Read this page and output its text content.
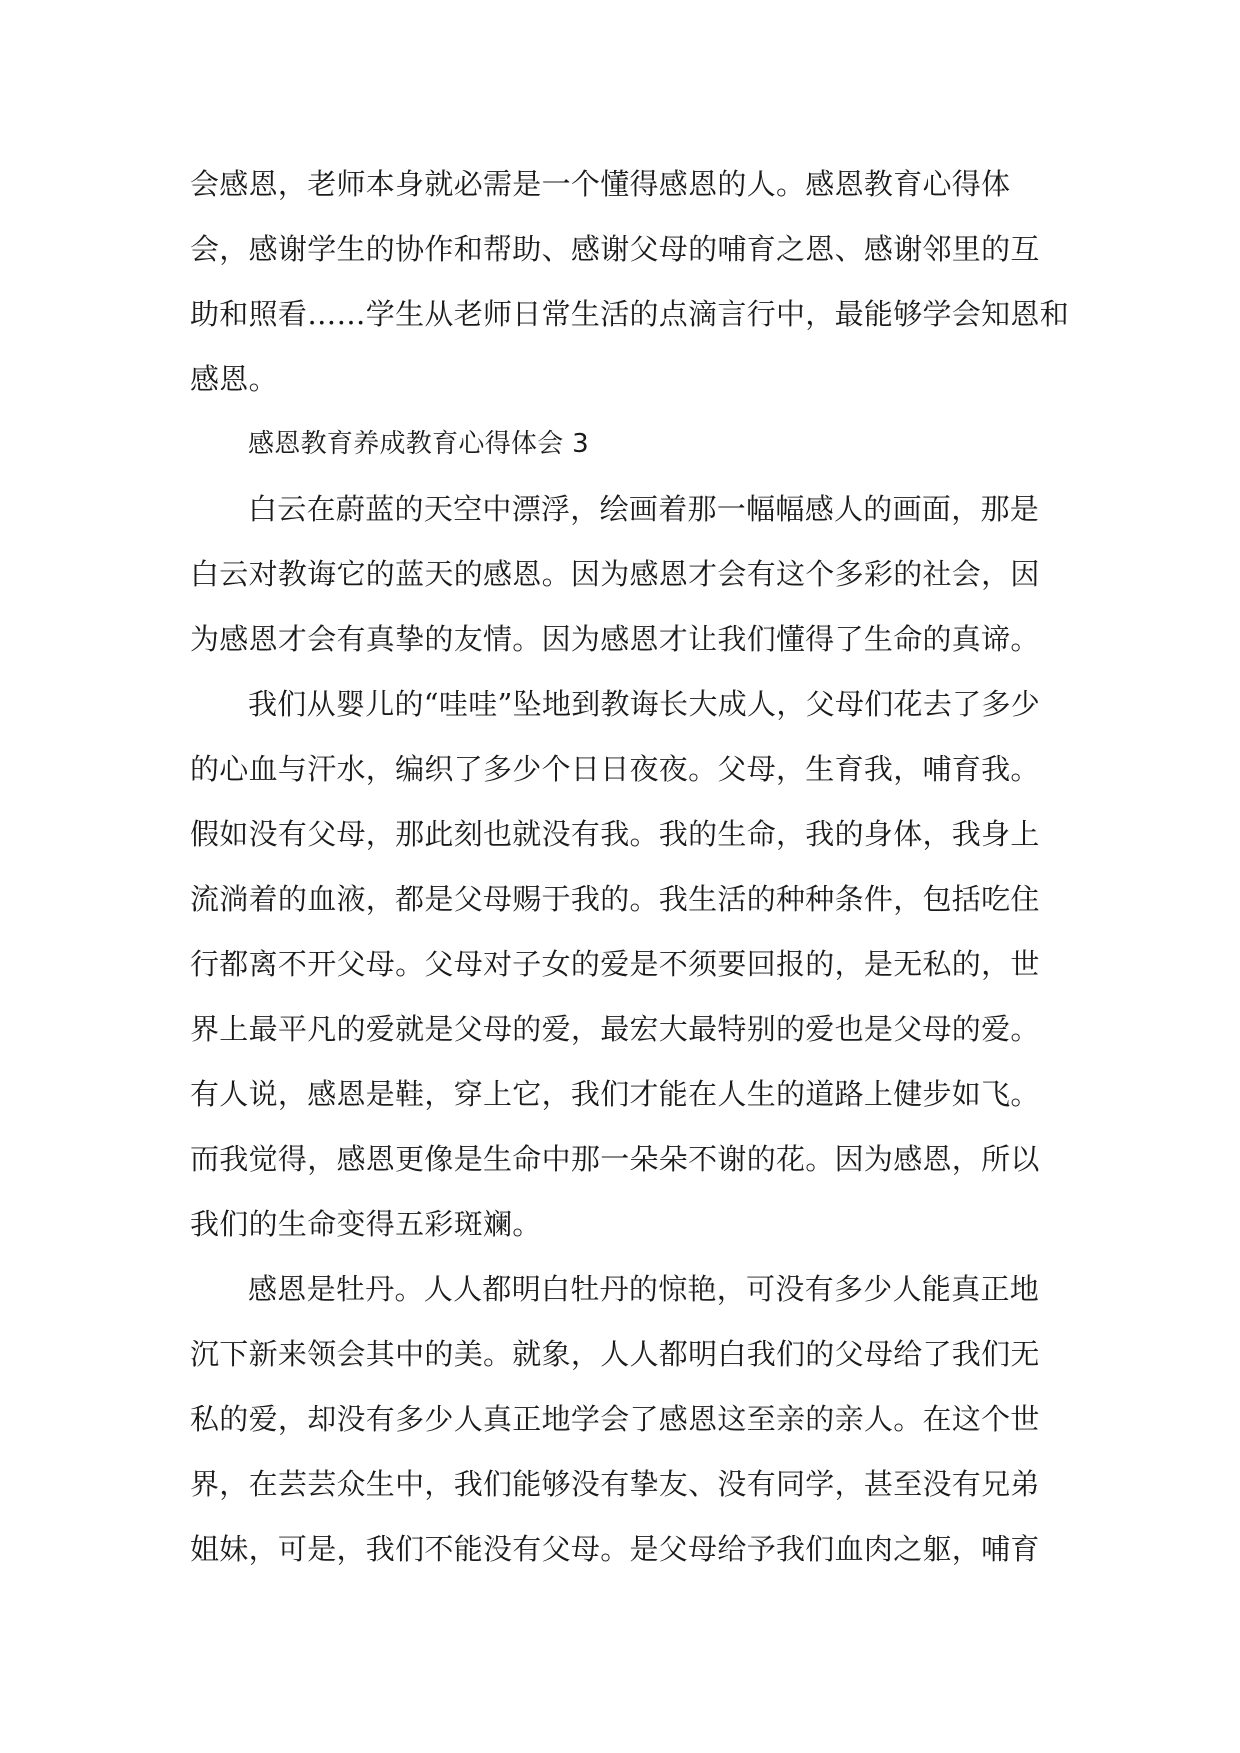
会感恩，老师本身就必需是一个懂得感恩的人。感恩教育心得体
会，感谢学生的协作和帮助、感谢父母的哺育之恩、感谢邻里的互
助和照看……学生从老师日常生活的点滴言行中，最能够学会知恩和
感恩。
感恩教育养成教育心得体会 3
白云在蔚蓝的天空中漂浮，绘画着那一幅幅感人的画面，那是
白云对教诲它的蓝天的感恩。因为感恩才会有这个多彩的社会，因
为感恩才会有真挚的友情。因为感恩才让我们懂得了生命的真谛。
我们从婴儿的“哇哇”坠地到教诲长大成人，父母们花去了多少
的心血与汗水，编织了多少个日日夜夜。父母，生育我，哺育我。
假如没有父母，那此刻也就没有我。我的生命，我的身体，我身上
流淌着的血液，都是父母赐于我的。我生活的种种条件，包括吃住
行都离不开父母。父母对子女的爱是不须要回报的，是无私的，世
界上最平凡的爱就是父母的爱，最宏大最特别的爱也是父母的爱。
有人说，感恩是鞋，穿上它，我们才能在人生的道路上健步如飞。
而我觉得，感恩更像是生命中那一朵朵不谢的花。因为感恩，所以
我们的生命变得五彩斑斓。
感恩是牡丹。人人都明白牡丹的惊艳，可没有多少人能真正地
沉下新来领会其中的美。就象，人人都明白我们的父母给了我们无
私的爱，却没有多少人真正地学会了感恩这至亲的亲人。在这个世
界，在芸芸众生中，我们能够没有挚友、没有同学，甚至没有兄弟
姐妹，可是，我们不能没有父母。是父母给予我们血肉之躯，哺育
